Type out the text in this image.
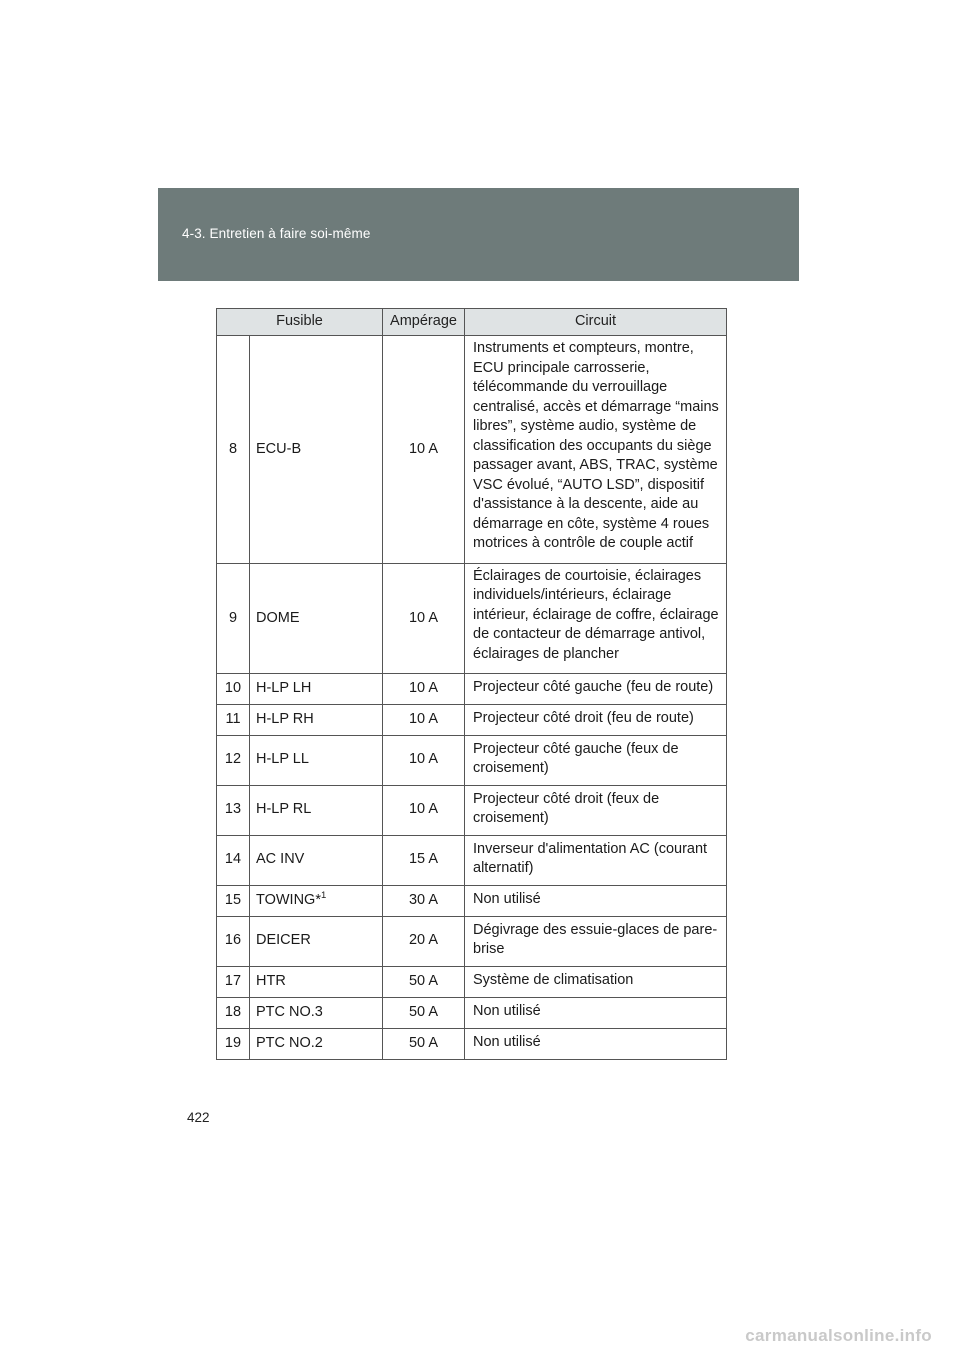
4-3. Entretien à faire soi-même
Fusible		Ampérage	Circuit
8	ECU-B	10 A	Instruments et compteurs, montre, ECU principale carrosserie, télécommande du verrouillage centralisé, accès et démarrage “mains libres”, système audio, système de classification des occupants du siège passager avant, ABS, TRAC, système VSC évolué, “AUTO LSD”, dispositif d'assistance à la descente, aide au démarrage en côte, système 4 roues motrices à contrôle de couple actif
9	DOME	10 A	Éclairages de courtoisie, éclairages individuels/intérieurs, éclairage intérieur, éclairage de coffre, éclairage de contacteur de démarrage antivol, éclairages de plancher
10	H-LP LH	10 A	Projecteur côté gauche (feu de route)
11	H-LP RH	10 A	Projecteur côté droit (feu de route)
12	H-LP LL	10 A	Projecteur côté gauche (feux de croisement)
13	H-LP RL	10 A	Projecteur côté droit (feux de croisement)
14	AC INV	15 A	Inverseur d'alimentation AC (courant alternatif)
15	TOWING*$^1$	30 A	Non utilisé
16	DEICER	20 A	Dégivrage des essuie-glaces de pare-brise
17	HTR	50 A	Système de climatisation
18	PTC NO.3	50 A	Non utilisé
19	PTC NO.2	50 A	Non utilisé
422
carmanualsonline.info
